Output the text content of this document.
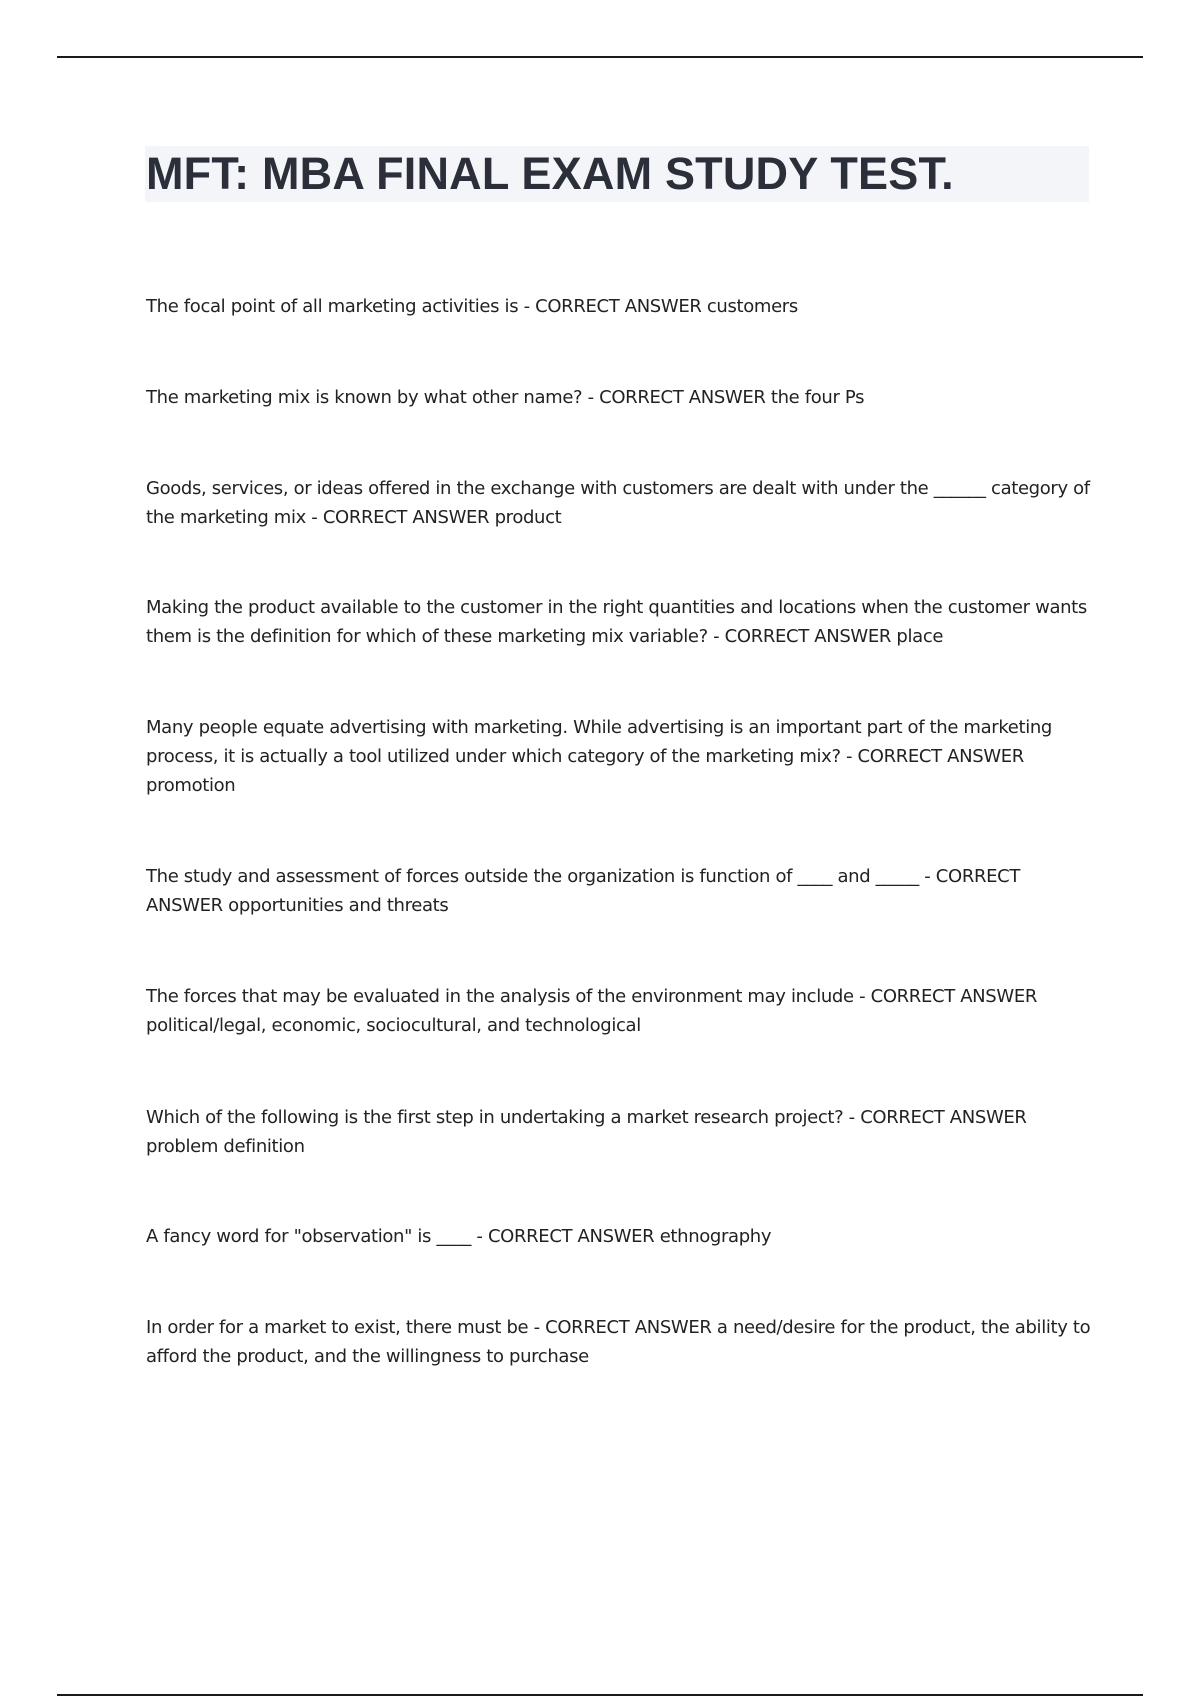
MFT: MBA FINAL EXAM STUDY TEST.

The focal point of all marketing activities is - CORRECT ANSWER customers

The marketing mix is known by what other name? - CORRECT ANSWER the four Ps

Goods, services, or ideas offered in the exchange with customers are dealt with under the ______ category of the marketing mix - CORRECT ANSWER product

Making the product available to the customer in the right quantities and locations when the customer wants them is the definition for which of these marketing mix variable? - CORRECT ANSWER place

Many people equate advertising with marketing. While advertising is an important part of the marketing process, it is actually a tool utilized under which category of the marketing mix? - CORRECT ANSWER promotion

The study and assessment of forces outside the organization is function of ____ and _____ - CORRECT ANSWER opportunities and threats

The forces that may be evaluated in the analysis of the environment may include - CORRECT ANSWER political/legal, economic, sociocultural, and technological

Which of the following is the first step in undertaking a market research project? - CORRECT ANSWER problem definition

A fancy word for "observation" is ____ - CORRECT ANSWER ethnography

In order for a market to exist, there must be - CORRECT ANSWER a need/desire for the product, the ability to afford the product, and the willingness to purchase
